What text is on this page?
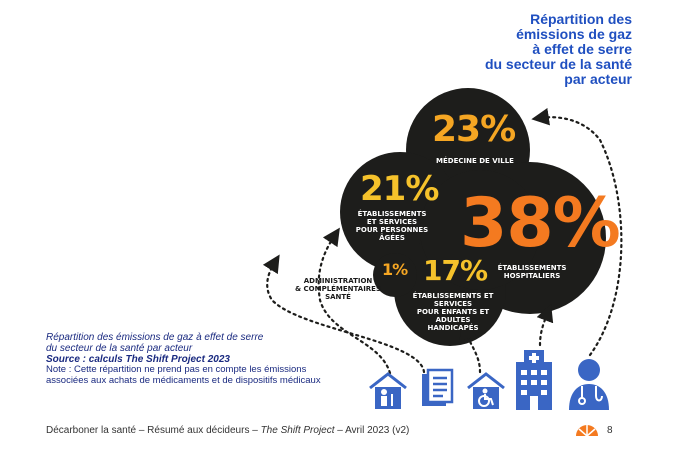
Répartition des
émissions de gaz
à effet de serre
du secteur de la santé
par acteur
23%
MÉDECINE DE VILLE
21%
ÉTABLISSEMENTS
ET SERVICES
POUR PERSONNES
ÂGÉES 38%
ÉTABLISSEMENTS
HOSPITALIERS
17%
ÉTABLISSEMENTS ET
SERVICES
POUR ENFANTS ET
ADULTES
HANDICAPÉS
1%
ADMINISTRATION
& COMPLÉMENTAIRES
SANTÉ
Répartition des émissions de gaz à effet de serre
du secteur de la santé par acteur
Source : calculs The Shift Project 2023
Note : Cette répartition ne prend pas en compte les émissions associées aux achats de médicaments et de dispositifs médicaux
Décarboner la santé – Résumé aux décideurs – The Shift Project – Avril 2023 (v2)	8
